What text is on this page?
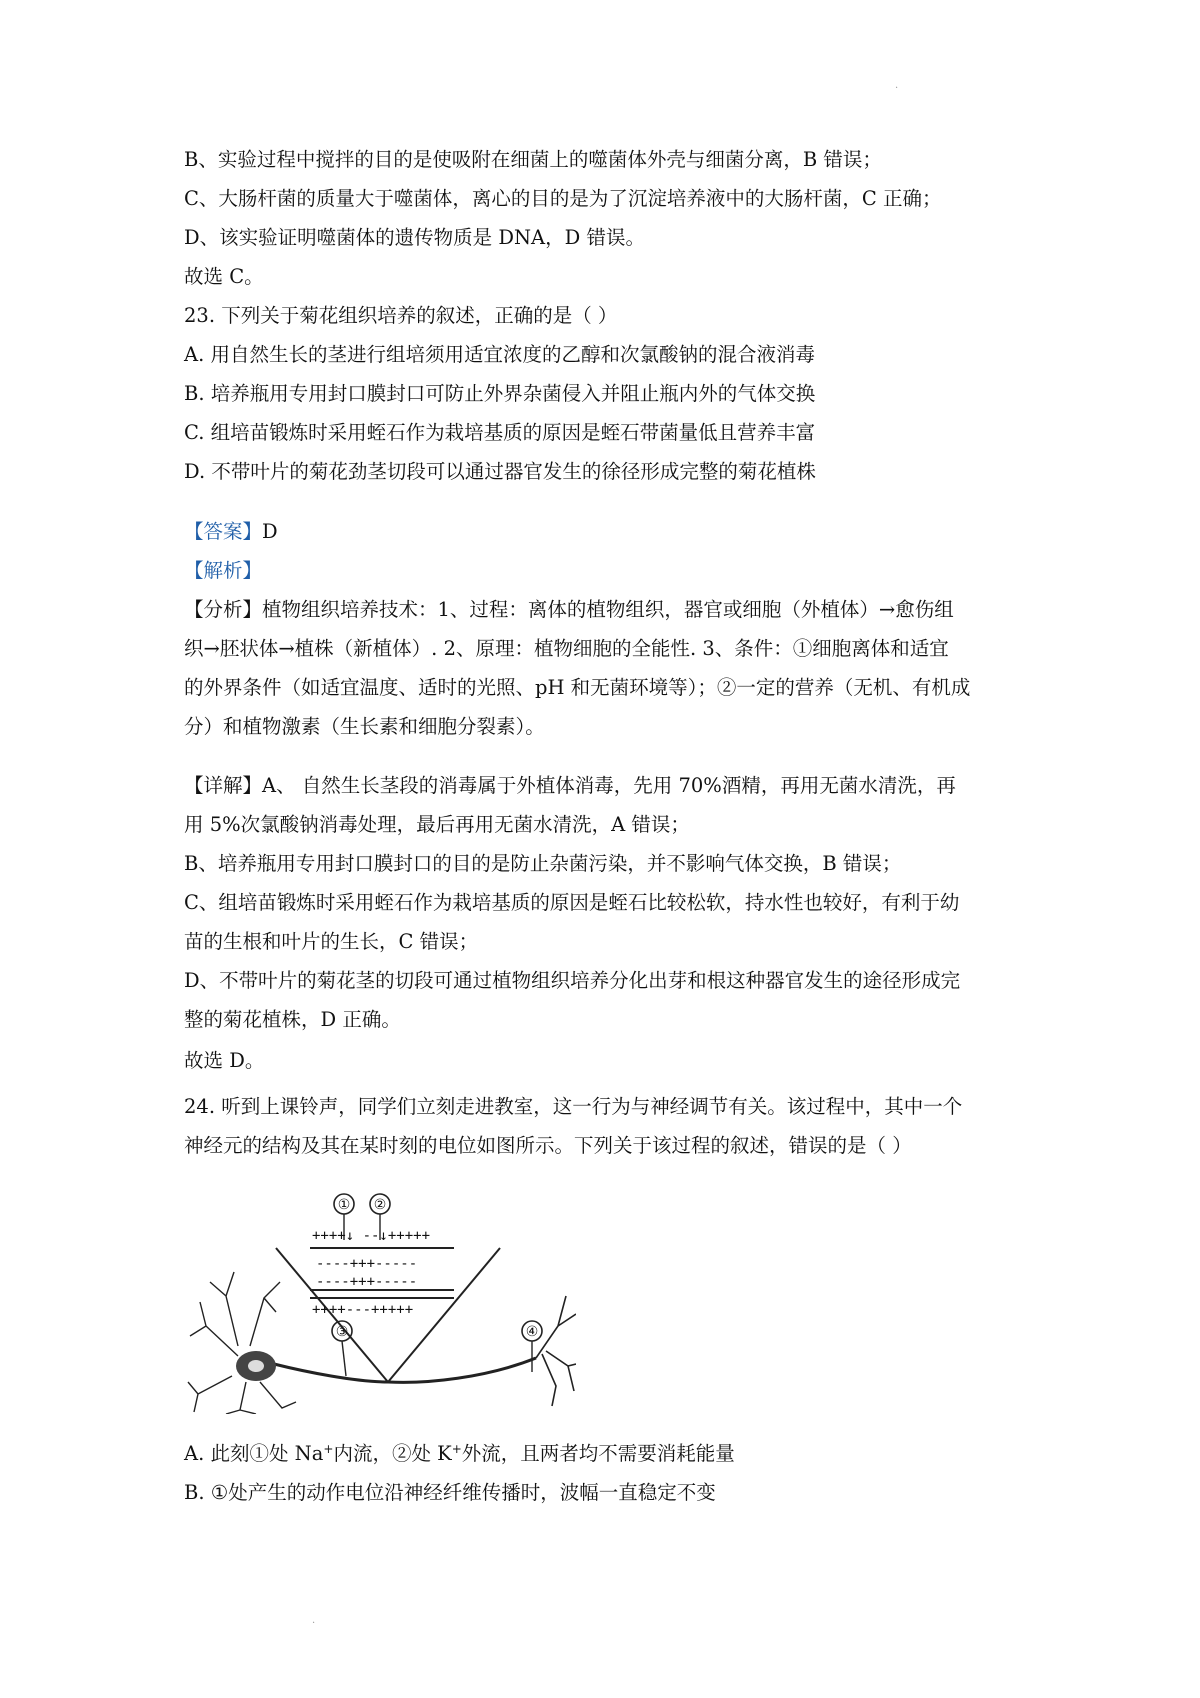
.
B、实验过程中搅拌的目的是使吸附在细菌上的噬菌体外壳与细菌分离，B 错误；
C、大肠杆菌的质量大于噬菌体，离心的目的是为了沉淀培养液中的大肠杆菌，C 正确；
D、该实验证明噬菌体的遗传物质是 DNA，D 错误。
故选 C。
23. 下列关于菊花组织培养的叙述，正确的是（ ）
A. 用自然生长的茎进行组培须用适宜浓度的乙醇和次氯酸钠的混合液消毒
B. 培养瓶用专用封口膜封口可防止外界杂菌侵入并阻止瓶内外的气体交换
C. 组培苗锻炼时采用蛭石作为栽培基质的原因是蛭石带菌量低且营养丰富
D. 不带叶片的菊花劲茎切段可以通过器官发生的徐径形成完整的菊花植株
【答案】D
【解析】
【分析】植物组织培养技术：1、过程：离体的植物组织，器官或细胞（外植体）→愈伤组
织→胚状体→植株（新植体）. 2、原理：植物细胞的全能性. 3、条件：①细胞离体和适宜
的外界条件（如适宜温度、适时的光照、pH 和无菌环境等）；②一定的营养（无机、有机成
分）和植物激素（生长素和细胞分裂素）。
【详解】A、 自然生长茎段的消毒属于外植体消毒，先用 70%酒精，再用无菌水清洗，再
用 5%次氯酸钠消毒处理，最后再用无菌水清洗，A 错误；
B、培养瓶用专用封口膜封口的目的是防止杂菌污染，并不影响气体交换，B 错误；
C、组培苗锻炼时采用蛭石作为栽培基质的原因是蛭石比较松软，持水性也较好，有利于幼
苗的生根和叶片的生长，C 错误；
D、不带叶片的菊花茎的切段可通过植物组织培养分化出芽和根这种器官发生的途径形成完
整的菊花植株，D 正确。
故选 D。
24. 听到上课铃声，同学们立刻走进教室，这一行为与神经调节有关。该过程中，其中一个
神经元的结构及其在某时刻的电位如图所示。下列关于该过程的叙述，错误的是（ ）
++++↓ --↓+++++
----+++-----
----+++-----
++++---+++++
① ②
③	④
A. 此刻①处 Na+内流，②处 K+外流，且两者均不需要消耗能量
B. ①处产生的动作电位沿神经纤维传播时，波幅一直稳定不变
.
